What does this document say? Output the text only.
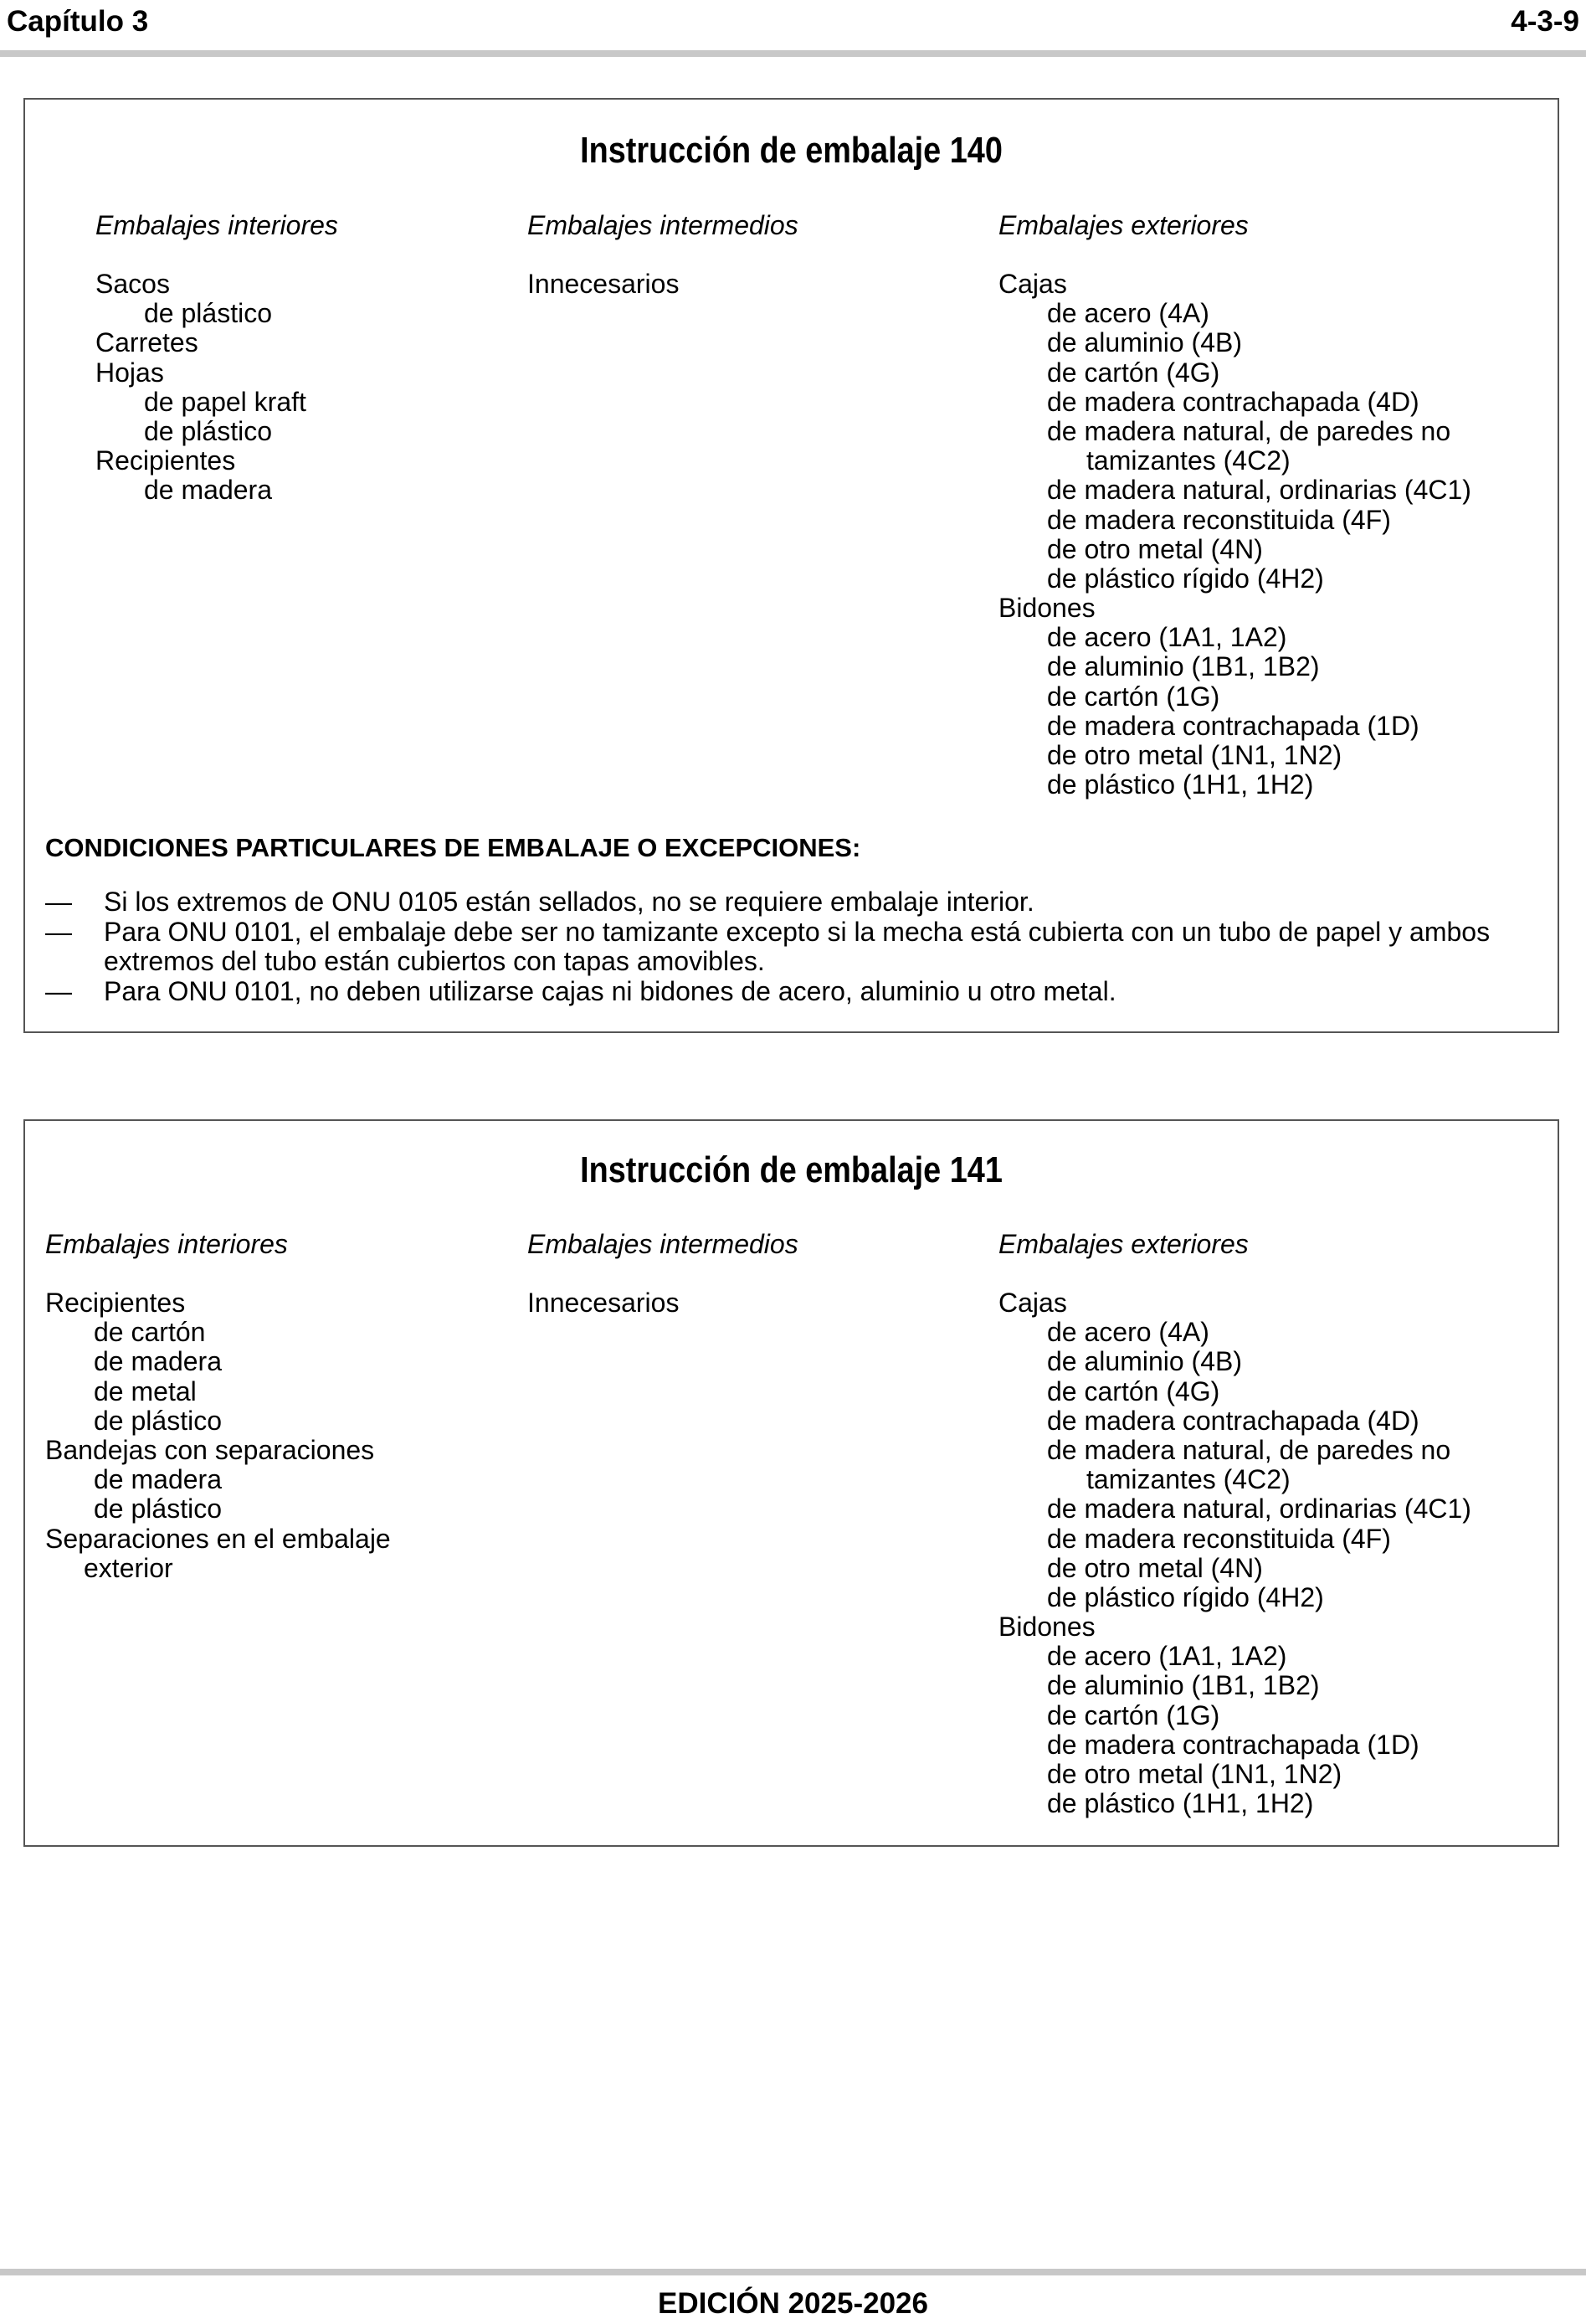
Capítulo 3	4-3-9
Instrucción de embalaje 140
Embalajes interiores
Sacos
de plástico
Carretes
Hojas
de papel kraft
de plástico
Recipientes
de madera
Embalajes intermedios
Innecesarios
Embalajes exteriores
Cajas
de acero (4A)
de aluminio (4B)
de cartón (4G)
de madera contrachapada (4D)
de madera natural, de paredes no
tamizantes (4C2)
de madera natural, ordinarias (4C1)
de madera reconstituida (4F)
de otro metal (4N)
de plástico rígido (4H2)
Bidones
de acero (1A1, 1A2)
de aluminio (1B1, 1B2)
de cartón (1G)
de madera contrachapada (1D)
de otro metal (1N1, 1N2)
de plástico (1H1, 1H2)
CONDICIONES PARTICULARES DE EMBALAJE O EXCEPCIONES:
— Si los extremos de ONU 0105 están sellados, no se requiere embalaje interior.
— Para ONU 0101, el embalaje debe ser no tamizante excepto si la mecha está cubierta con un tubo de papel y ambos extremos del tubo están cubiertos con tapas amovibles.
— Para ONU 0101, no deben utilizarse cajas ni bidones de acero, aluminio u otro metal.
Instrucción de embalaje 141
Embalajes interiores
Recipientes
de cartón
de madera
de metal
de plástico
Bandejas con separaciones
de madera
de plástico
Separaciones en el embalaje
exterior
Embalajes intermedios
Innecesarios
Embalajes exteriores
Cajas
de acero (4A)
de aluminio (4B)
de cartón (4G)
de madera contrachapada (4D)
de madera natural, de paredes no
tamizantes (4C2)
de madera natural, ordinarias (4C1)
de madera reconstituida (4F)
de otro metal (4N)
de plástico rígido (4H2)
Bidones
de acero (1A1, 1A2)
de aluminio (1B1, 1B2)
de cartón (1G)
de madera contrachapada (1D)
de otro metal (1N1, 1N2)
de plástico (1H1, 1H2)
EDICIÓN 2025-2026
